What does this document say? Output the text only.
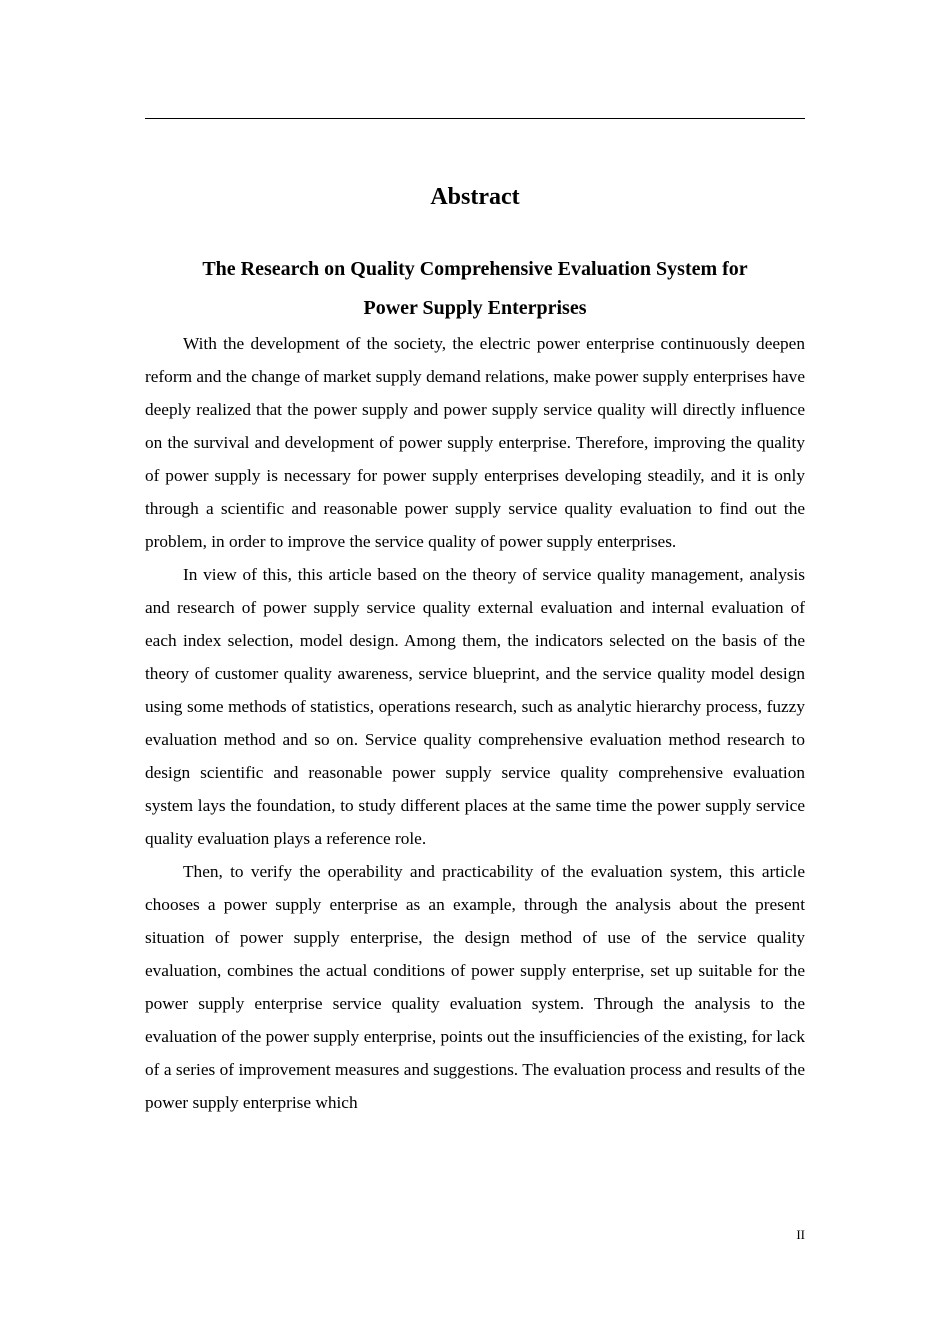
Abstract
The Research on Quality Comprehensive Evaluation System for
Power Supply Enterprises

With the development of the society, the electric power enterprise continuously deepen reform and the change of market supply demand relations, make power supply enterprises have deeply realized that the power supply and power supply service quality will directly influence on the survival and development of power supply enterprise. Therefore, improving the quality of power supply is necessary for power supply enterprises developing steadily, and it is only through a scientific and reasonable power supply service quality evaluation to find out the problem, in order to improve the service quality of power supply enterprises.

In view of this, this article based on the theory of service quality management, analysis and research of power supply service quality external evaluation and internal evaluation of each index selection, model design. Among them, the indicators selected on the basis of the theory of customer quality awareness, service blueprint, and the service quality model design using some methods of statistics, operations research, such as analytic hierarchy process, fuzzy evaluation method and so on. Service quality comprehensive evaluation method research to design scientific and reasonable power supply service quality comprehensive evaluation system lays the foundation, to study different places at the same time the power supply service quality evaluation plays a reference role.

Then, to verify the operability and practicability of the evaluation system, this article chooses a power supply enterprise as an example, through the analysis about the present situation of power supply enterprise, the design method of use of the service quality evaluation, combines the actual conditions of power supply enterprise, set up suitable for the power supply enterprise service quality evaluation system. Through the analysis to the evaluation of the power supply enterprise, points out the insufficiencies of the existing, for lack of a series of improvement measures and suggestions. The evaluation process and results of the power supply enterprise which

II
